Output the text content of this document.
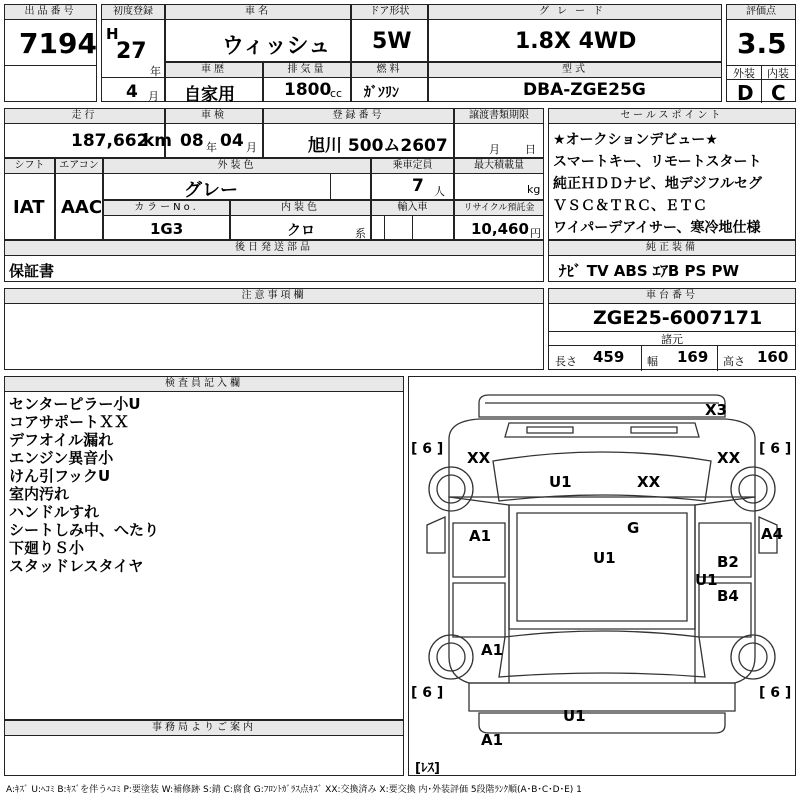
出品番号
7194
初度登録
H
27
年
4 月
車名
ウィッシュ
ドア形状
5W
グレード
1.8X 4WD
評価点
3.5
外装 内装
D C
車歴
自家用
排気量
1800
cc
燃料
ｶﾞｿﾘﾝ
型式
DBA-ZGE25G
走行
187,662
km
車検
08 年 04 月
登録番号
旭川 500ム2607
譲渡書類期限
月 日
セールスポイント
★オークションデビュー★
スマートキー、リモートスタート
純正ＨＤＤナビ、地デジフルセグ
ＶＳＣ＆ＴＲＣ、ＥＴＣ
ワイパーデアイサー、寒冷地仕様
シフト
IAT
エアコン
AAC
外装色
グレー
乗車定員
7 人
最大積載量
kg
カラーNo.
1G3
内装色
クロ	系
輸入車	リサイクル預託金
10,460 円
後日発送部品
保証書
純正装備
ﾅﾋﾞ TV ABS ｴｱB PS PW
注意事項欄	車台番号
ZGE25-6007171
諸元
長さ 459 幅 169 高さ 160
検査員記入欄
センターピラー小U
コアサポートＸＸ
デフオイル漏れ
エンジン異音小
けん引フックU
室内汚れ
ハンドルすれ
シートしみ中、へたり
下廻りＳ小
スタッドレスタイヤ
事務局よりご案内
X3
XX
U1	XX
XX
G
A1
U1
A4
B2
U1
B4
A1
U1
A1
[ 6 ]	[ 6 ]
[ 6 ]	[ 6 ]
[ﾚｽ]
A:ｷｽﾞ U:ﾍｺﾐ B:ｷｽﾞを伴うﾍｺﾐ P:要塗装 W:補修跡 S:錆 C:腐食 G:ﾌﾛﾝﾄｶﾞﾗｽ点ｷｽﾞ XX:交換済み X:要交換 内･外装評価 5段階ﾗﾝｸ順(A･B･C･D･E) 1
